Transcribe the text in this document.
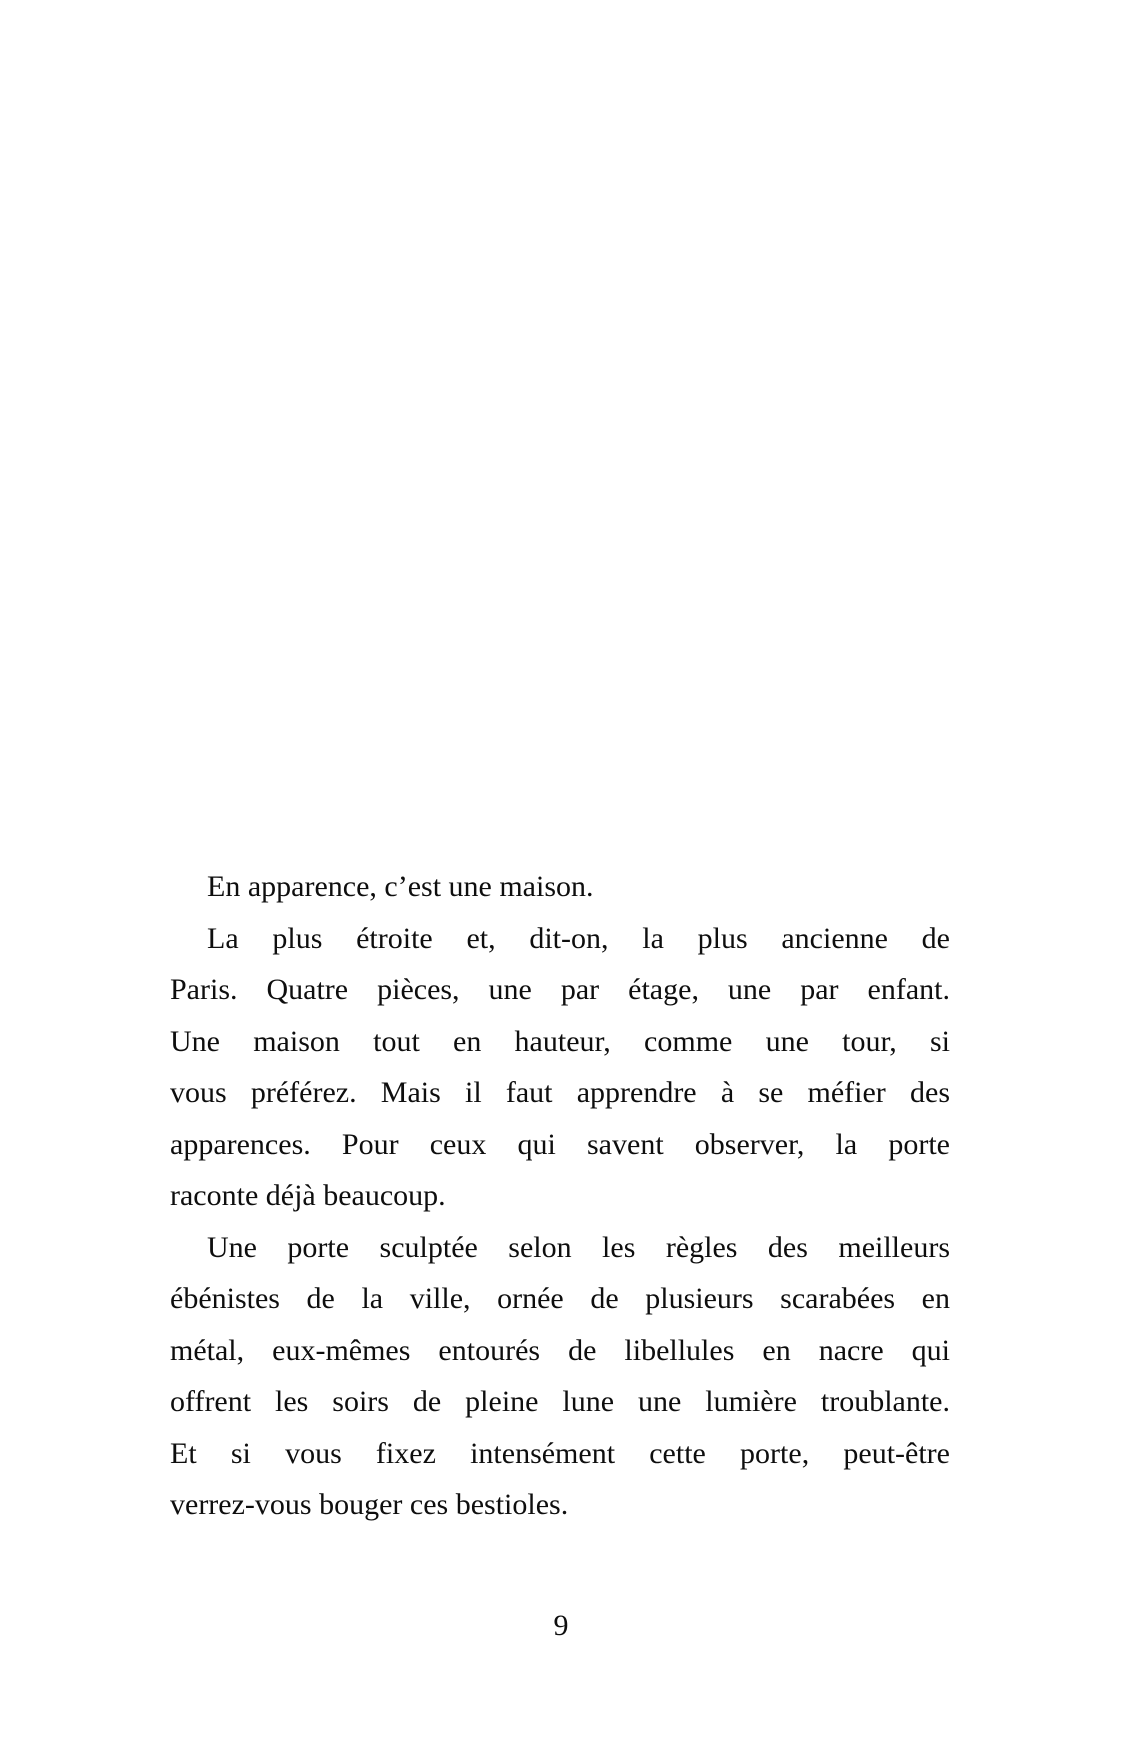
En apparence, c’est une maison.
La plus étroite et, dit-on, la plus ancienne de
Paris. Quatre pièces, une par étage, une par enfant.
Une maison tout en hauteur, comme une tour, si
vous préférez. Mais il faut apprendre à se méfier des
apparences. Pour ceux qui savent observer, la porte
raconte déjà beaucoup.
Une porte sculptée selon les règles des meilleurs
ébénistes de la ville, ornée de plusieurs scarabées en
métal, eux-mêmes entourés de libellules en nacre qui
offrent les soirs de pleine lune une lumière troublante.
Et si vous fixez intensément cette porte, peut-être
verrez-vous bouger ces bestioles.
9
